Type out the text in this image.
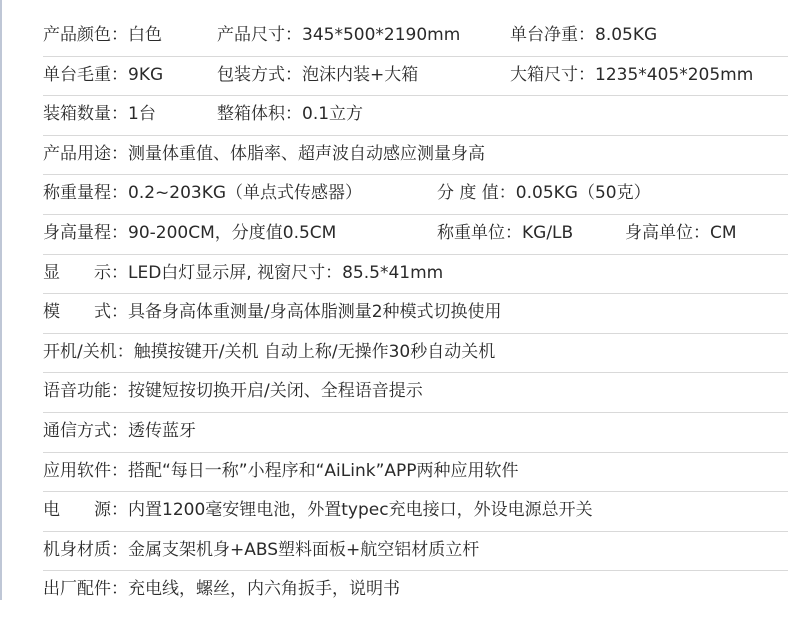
产品颜色：白色	产品尺寸：345*500*2190mm	单台净重：8.05KG
单台毛重：9KG	包装方式：泡沫内装+大箱	大箱尺寸：1235*405*205mm
装箱数量：1台	整箱体积：0.1立方
产品用途：测量体重值、体脂率、超声波自动感应测量身高
称重量程：0.2~203KG（单点式传感器）	分 度 值：0.05KG（50克）
身高量程：90-200CM，分度值0.5CM	称重单位：KG/LB	身高单位：CM
显　　示：LED白灯显示屏, 视窗尺寸：85.5*41mm
模　　式：具备身高体重测量/身高体脂测量2种模式切换使用
开机/关机：触摸按键开/关机 自动上称/无操作30秒自动关机
语音功能：按键短按切换开启/关闭、全程语音提示
通信方式：透传蓝牙
应用软件：搭配“每日一称”小程序和“AiLink”APP两种应用软件
电　　源：内置1200毫安锂电池，外置typec充电接口，外设电源总开关
机身材质：金属支架机身+ABS塑料面板+航空铝材质立杆
出厂配件：充电线，螺丝，内六角扳手，说明书
